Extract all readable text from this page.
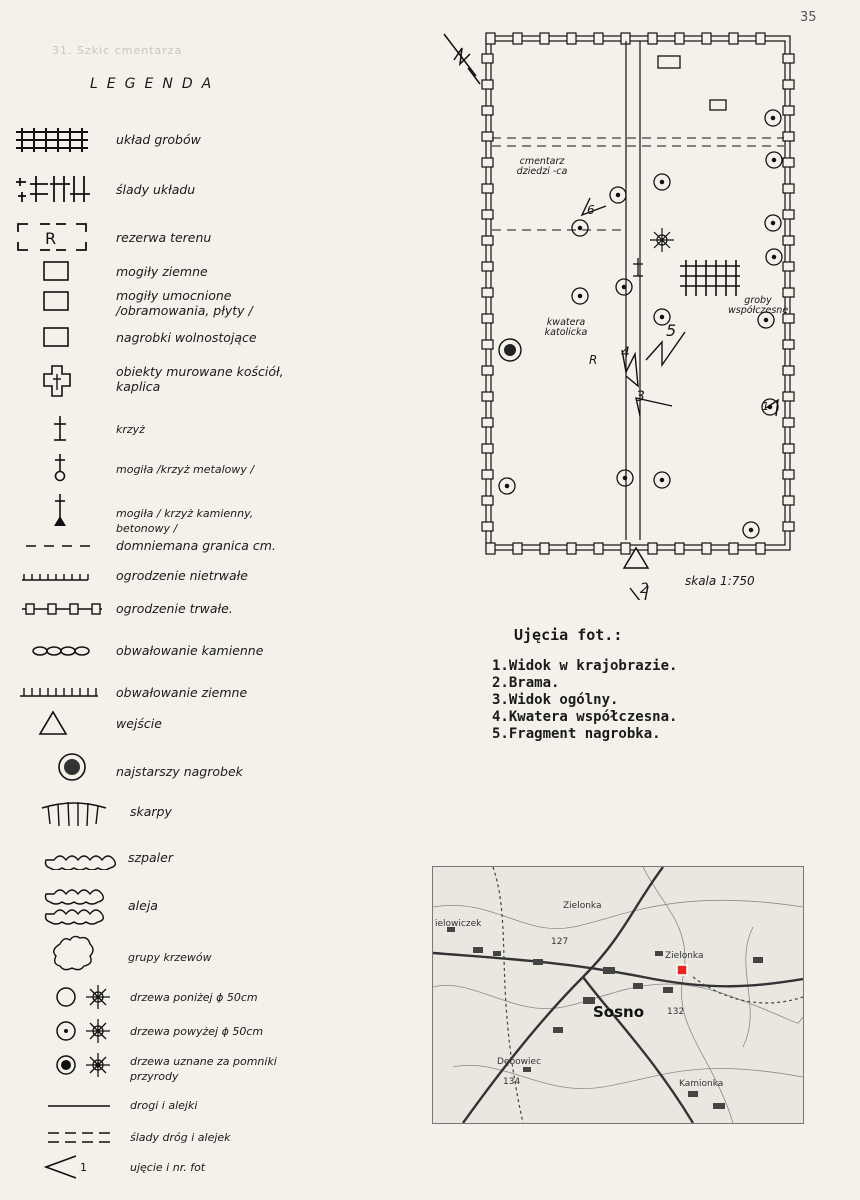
35
31. Szkic cmentarza
LEGENDA
układ grobów
ślady układu
R	rezerwa terenu
mogiły ziemne
mogiły umocnione /obramowania, płyty /
nagrobki wolnostojące
obiekty murowane kościół, kaplica
krzyż
mogiła /krzyż metalowy /
mogiła / krzyż kamienny, betonowy /
domniemana granica cm.
ogrodzenie nietrwałe
ogrodzenie trwałe.
obwałowanie kamienne
obwałowanie ziemne
wejście
najstarszy nagrobek
skarpy
szpaler
aleja
grupy krzewów
drzewa poniżej ϕ 50cm
drzewa powyżej ϕ 50cm
drzewa uznane za pomniki przyrody
drogi i alejki
ślady dróg i alejek
1	ujęcie i nr. fot
cmentarz dziedzi -ca
kwatera katolicka
groby współczesne
R
1
2
3
4
5
6
skala 1:750
Ujęcia fot.:
1.Widok w krajobrazie.
2.Brama.
3.Widok ogólny.
4.Kwatera współczesna.
5.Fragment nagrobka.
ielowiczek
Zielonka
Zielonka
Sosno
Dębowiec
Kamionka
127
132
134
